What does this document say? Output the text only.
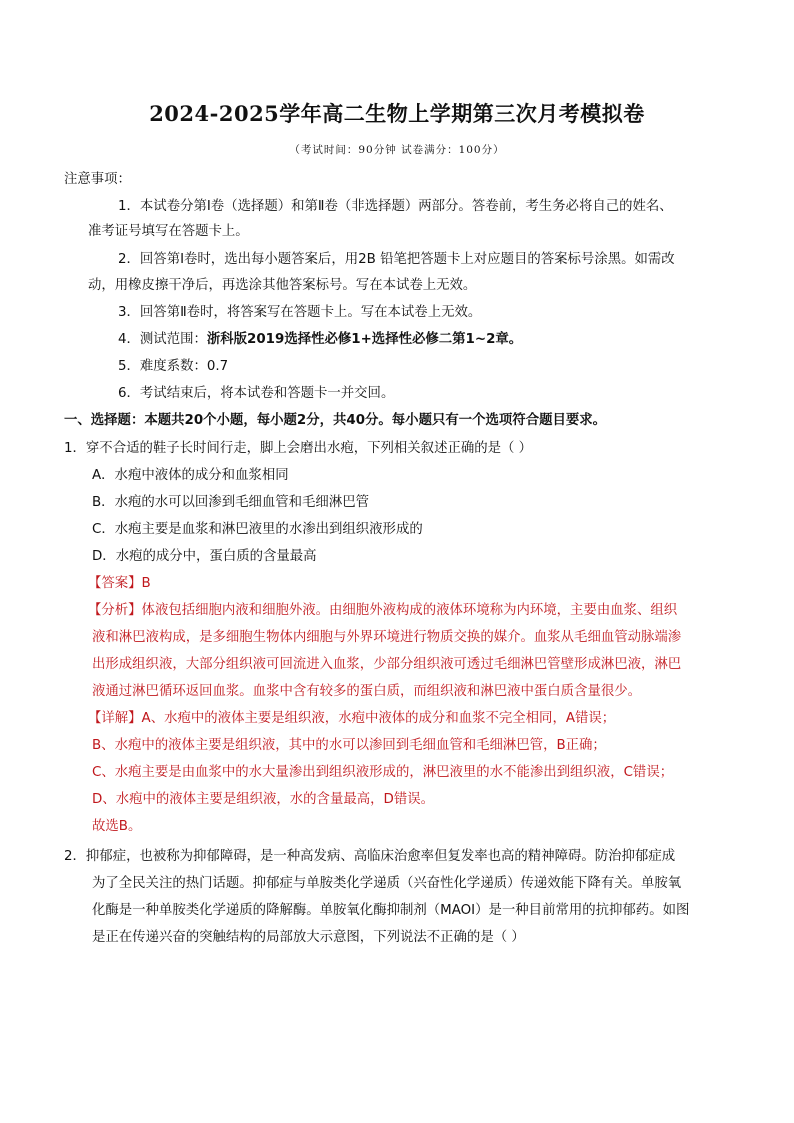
2024-2025学年高二生物上学期第三次月考模拟卷
（考试时间：90分钟 试卷满分：100分）
注意事项：
1．本试卷分第Ⅰ卷（选择题）和第Ⅱ卷（非选择题）两部分。答卷前，考生务必将自己的姓名、
准考证号填写在答题卡上。
2．回答第Ⅰ卷时，选出每小题答案后，用2B 铅笔把答题卡上对应题目的答案标号涂黑。如需改
动，用橡皮擦干净后，再选涂其他答案标号。写在本试卷上无效。
3．回答第Ⅱ卷时，将答案写在答题卡上。写在本试卷上无效。
4．测试范围：浙科版2019选择性必修1+选择性必修二第1~2章。
5．难度系数：0.7
6．考试结束后，将本试卷和答题卡一并交回。
一、选择题：本题共20个小题，每小题2分，共40分。每小题只有一个选项符合题目要求。
1．穿不合适的鞋子长时间行走，脚上会磨出水疱，下列相关叙述正确的是（ ）
A．水疱中液体的成分和血浆相同
B．水疱的水可以回渗到毛细血管和毛细淋巴管
C．水疱主要是血浆和淋巴液里的水渗出到组织液形成的
D．水疱的成分中，蛋白质的含量最高
【答案】B
【分析】体液包括细胞内液和细胞外液。由细胞外液构成的液体环境称为内环境，主要由血浆、组织
液和淋巴液构成，是多细胞生物体内细胞与外界环境进行物质交换的媒介。血浆从毛细血管动脉端渗
出形成组织液，大部分组织液可回流进入血浆，少部分组织液可透过毛细淋巴管壁形成淋巴液，淋巴
液通过淋巴循环返回血浆。血浆中含有较多的蛋白质，而组织液和淋巴液中蛋白质含量很少。
【详解】A、水疱中的液体主要是组织液，水疱中液体的成分和血浆不完全相同，A错误；
B、水疱中的液体主要是组织液，其中的水可以渗回到毛细血管和毛细淋巴管，B正确；
C、水疱主要是由血浆中的水大量渗出到组织液形成的，淋巴液里的水不能渗出到组织液，C错误；
D、水疱中的液体主要是组织液，水的含量最高，D错误。
故选B。
2．抑郁症，也被称为抑郁障碍，是一种高发病、高临床治愈率但复发率也高的精神障碍。防治抑郁症成
为了全民关注的热门话题。抑郁症与单胺类化学递质（兴奋性化学递质）传递效能下降有关。单胺氧
化酶是一种单胺类化学递质的降解酶。单胺氧化酶抑制剂（MAOI）是一种目前常用的抗抑郁药。如图
是正在传递兴奋的突触结构的局部放大示意图，下列说法不正确的是（ ）
